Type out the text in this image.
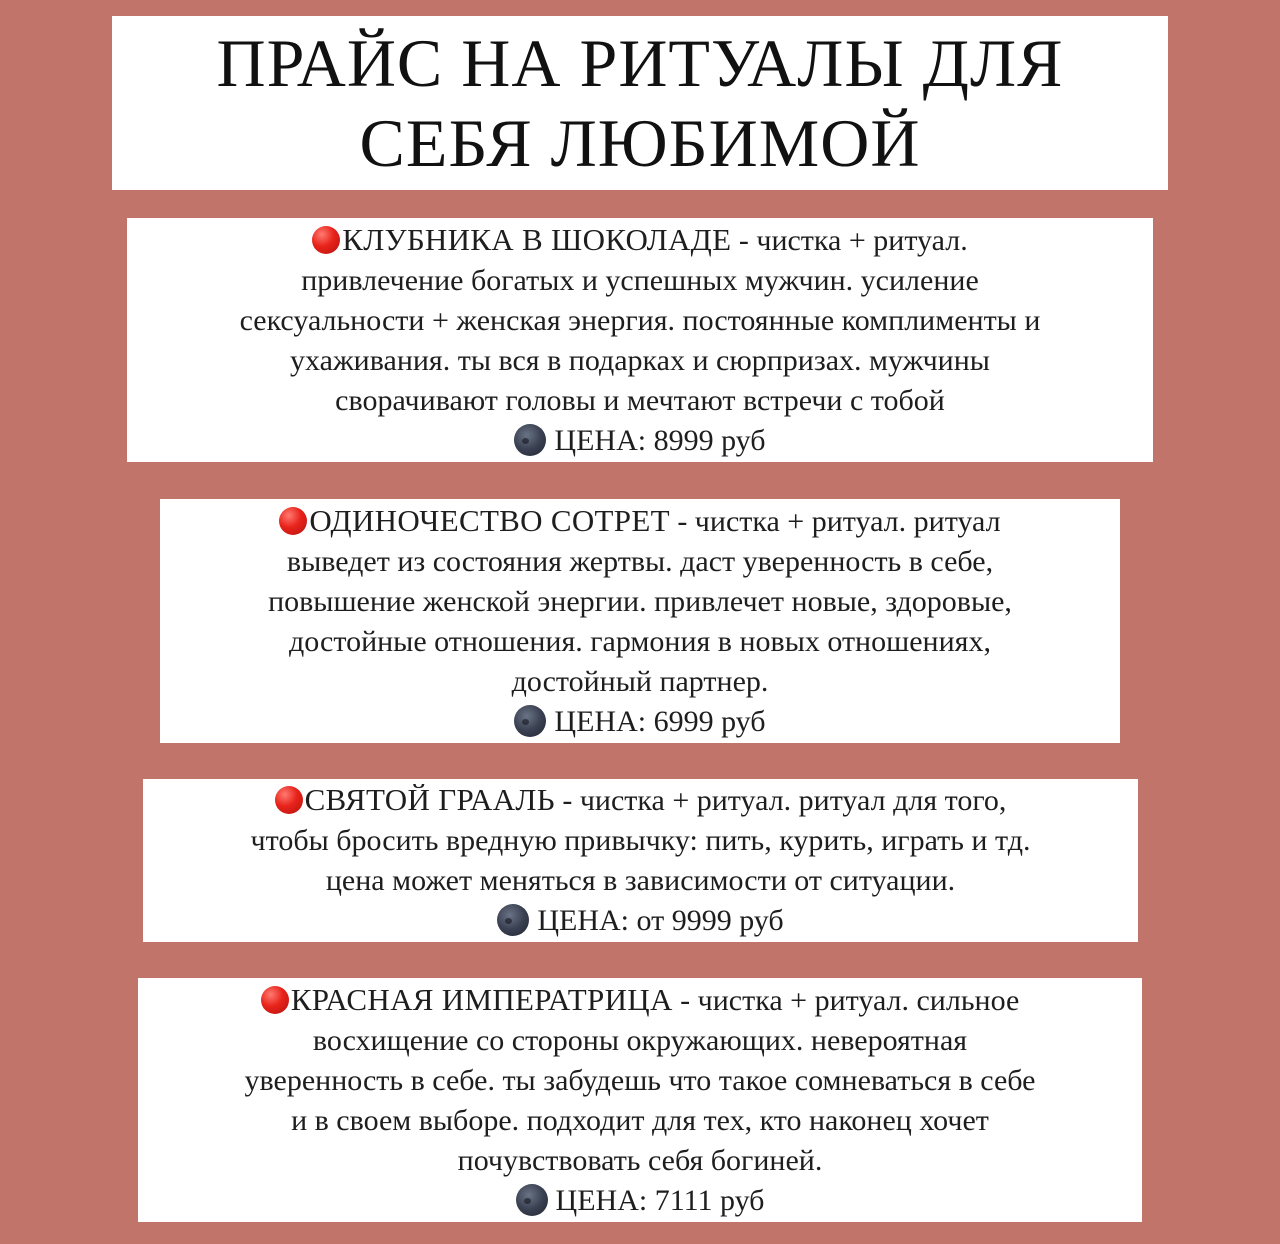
ПРАЙС НА РИТУАЛЫ ДЛЯ
СЕБЯ ЛЮБИМОЙ
КЛУБНИКА В ШОКОЛАДЕ - чистка + ритуал.
привлечение богатых и успешных мужчин. усиление
сексуальности + женская энергия. постоянные комплименты и
ухаживания. ты вся в подарках и сюрпризах. мужчины
сворачивают головы и мечтают встречи с тобой
ЦЕНА: 8999 руб
ОДИНОЧЕСТВО СОТРЕТ - чистка + ритуал. ритуал
выведет из состояния жертвы. даст уверенность в себе,
повышение женской энергии. привлечет новые, здоровые,
достойные отношения. гармония в новых отношениях,
достойный партнер.
ЦЕНА: 6999 руб
СВЯТОЙ ГРААЛЬ - чистка + ритуал. ритуал для того,
чтобы бросить вредную привычку: пить, курить, играть и тд.
цена может меняться в зависимости от ситуации.
ЦЕНА: от 9999 руб
КРАСНАЯ ИМПЕРАТРИЦА - чистка + ритуал. сильное
восхищение со стороны окружающих. невероятная
уверенность в себе. ты забудешь что такое сомневаться в себе
и в своем выборе. подходит для тех, кто наконец хочет
почувствовать себя богиней.
ЦЕНА: 7111 руб
